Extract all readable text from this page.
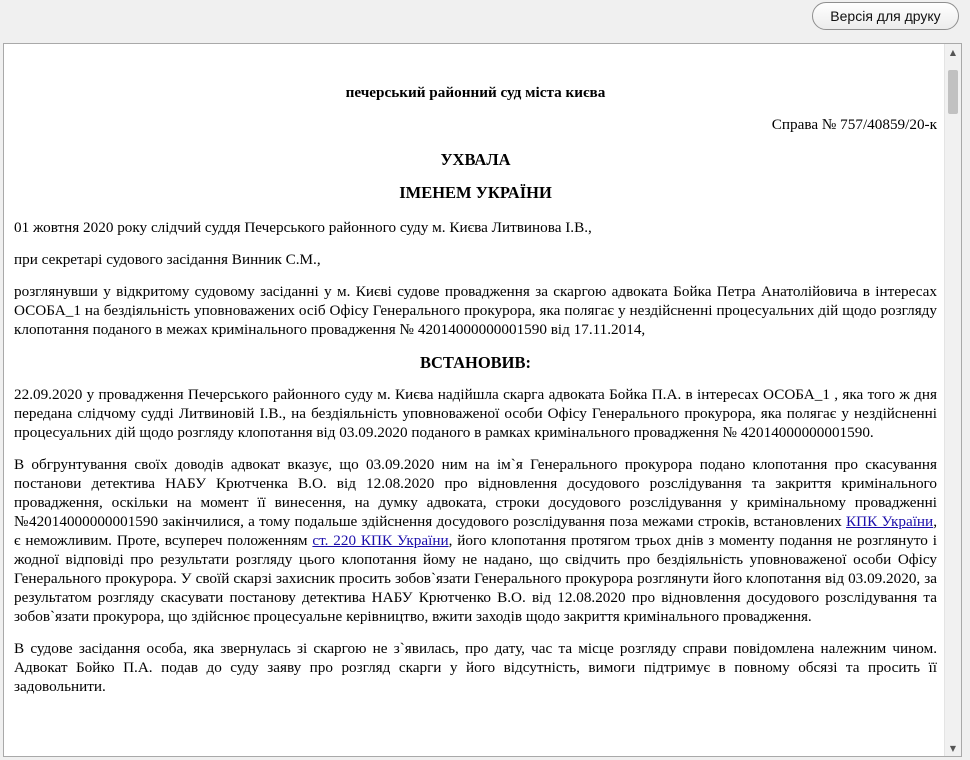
Версія для друку
печерський районний суд міста києва
Справа № 757/40859/20-к
УХВАЛА
ІМЕНЕМ УКРАЇНИ

01 жовтня 2020 року слідчий суддя Печерського районного суду м. Києва Литвинова І.В.,

при секретарі судового засідання Винник С.М.,

розглянувши у відкритому судовому засіданні у м. Києві судове провадження за скаргою адвоката Бойка Петра Анатолійовича в інтересах ОСОБА_1 на бездіяльність уповноважених осіб Офісу Генерального прокурора, яка полягає у нездійсненні процесуальних дій щодо розгляду клопотання поданого в межах кримінального провадження № 42014000000001590 від 17.11.2014,

ВСТАНОВИВ:

22.09.2020 у провадження Печерського районного суду м. Києва надійшла скарга адвоката Бойка П.А. в інтересах ОСОБА_1 , яка того ж дня передана слідчому судді Литвиновій І.В., на бездіяльність уповноваженої особи Офісу Генерального прокурора, яка полягає у нездійсненні процесуальних дій щодо розгляду клопотання від 03.09.2020 поданого в рамках кримінального провадження № 42014000000001590.

В обгрунтування своїх доводів адвокат вказує, що 03.09.2020 ним на ім`я Генерального прокурора подано клопотання про скасування постанови детектива НАБУ Крютченка В.О. від 12.08.2020 про відновлення досудового розслідування та закриття кримінального провадження, оскільки на момент її винесення, на думку адвоката, строки досудового розслідування у кримінальному провадженні №42014000000001590 закінчилися, а тому подальше здійснення досудового розслідування поза межами строків, встановлених КПК України, є неможливим. Проте, всупереч положенням ст. 220 КПК України, його клопотання протягом трьох днів з моменту подання не розглянуто і жодної відповіді про результати розгляду цього клопотання йому не надано, що свідчить про бездіяльність уповноваженої особи Офісу Генерального прокурора. У своїй скарзі захисник просить зобов`язати Генерального прокурора розглянути його клопотання від 03.09.2020, за результатом розгляду скасувати постанову детектива НАБУ Крютченко В.О. від 12.08.2020 про відновлення досудового розслідування та зобов`язати прокурора, що здійснює процесуальне керівництво, вжити заходів щодо закриття кримінального провадження.

В судове засідання особа, яка звернулась зі скаргою не з`явилась, про дату, час та місце розгляду справи повідомлена належним чином. Адвокат Бойко П.А. подав до суду заяву про розгляд скарги у його відсутність, вимоги підтримує в повному обсязі та просить її задовольнити.

▲
▼
